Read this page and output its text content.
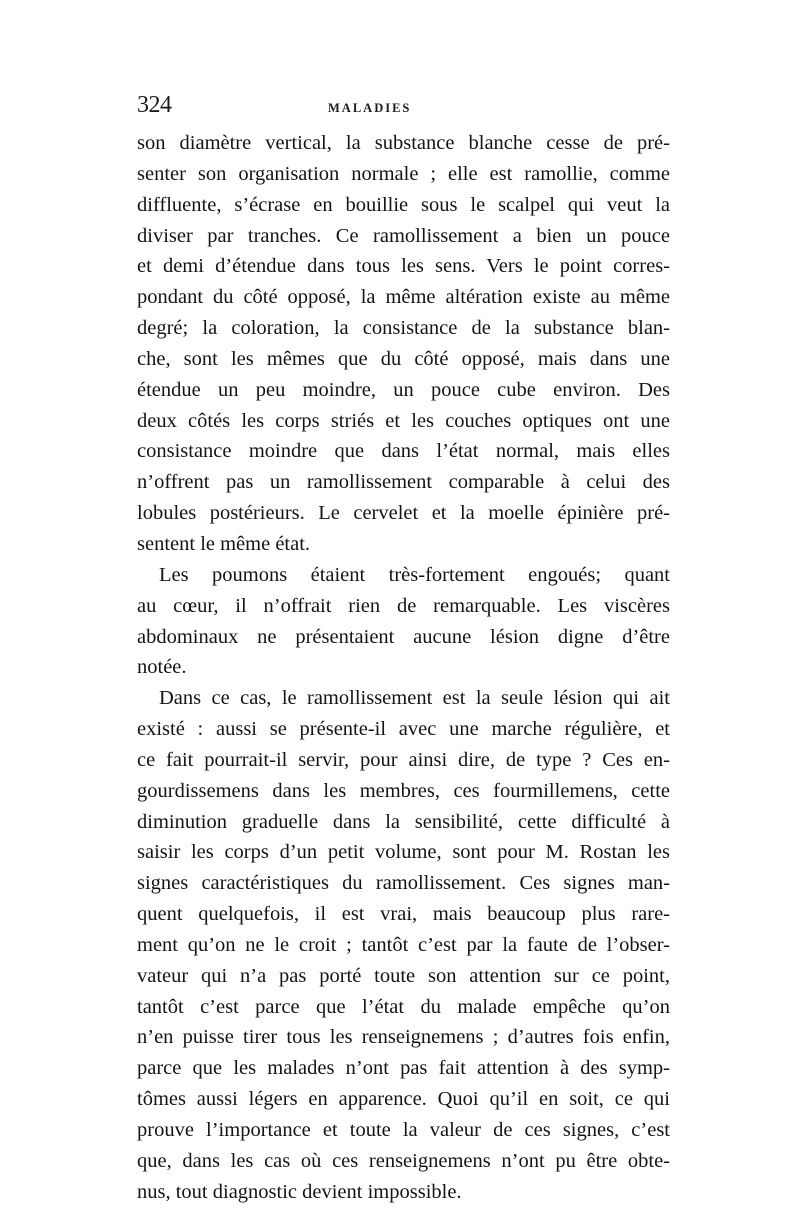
324	MALADIES

son diamètre vertical, la substance blanche cesse de pré-
senter son organisation normale ; elle est ramollie, comme
diffluente, s’écrase en bouillie sous le scalpel qui veut la
diviser par tranches. Ce ramollissement a bien un pouce
et demi d’étendue dans tous les sens. Vers le point corres-
pondant du côté opposé, la même altération existe au même
degré; la coloration, la consistance de la substance blan-
che, sont les mêmes que du côté opposé, mais dans une
étendue un peu moindre, un pouce cube environ. Des
deux côtés les corps striés et les couches optiques ont une
consistance moindre que dans l’état normal, mais elles
n’offrent pas un ramollissement comparable à celui des
lobules postérieurs. Le cervelet et la moelle épinière pré-
sentent le même état.
Les poumons étaient très-fortement engoués; quant
au cœur, il n’offrait rien de remarquable. Les viscères
abdominaux ne présentaient aucune lésion digne d’être
notée.
Dans ce cas, le ramollissement est la seule lésion qui ait
existé : aussi se présente-il avec une marche régulière, et
ce fait pourrait-il servir, pour ainsi dire, de type ? Ces en-
gourdissemens dans les membres, ces fourmillemens, cette
diminution graduelle dans la sensibilité, cette difficulté à
saisir les corps d’un petit volume, sont pour M. Rostan les
signes caractéristiques du ramollissement. Ces signes man-
quent quelquefois, il est vrai, mais beaucoup plus rare-
ment qu’on ne le croit ; tantôt c’est par la faute de l’obser-
vateur qui n’a pas porté toute son attention sur ce point,
tantôt c’est parce que l’état du malade empêche qu’on
n’en puisse tirer tous les renseignemens ; d’autres fois enfin,
parce que les malades n’ont pas fait attention à des symp-
tômes aussi légers en apparence. Quoi qu’il en soit, ce qui
prouve l’importance et toute la valeur de ces signes, c’est
que, dans les cas où ces renseignemens n’ont pu être obte-
nus, tout diagnostic devient impossible.
